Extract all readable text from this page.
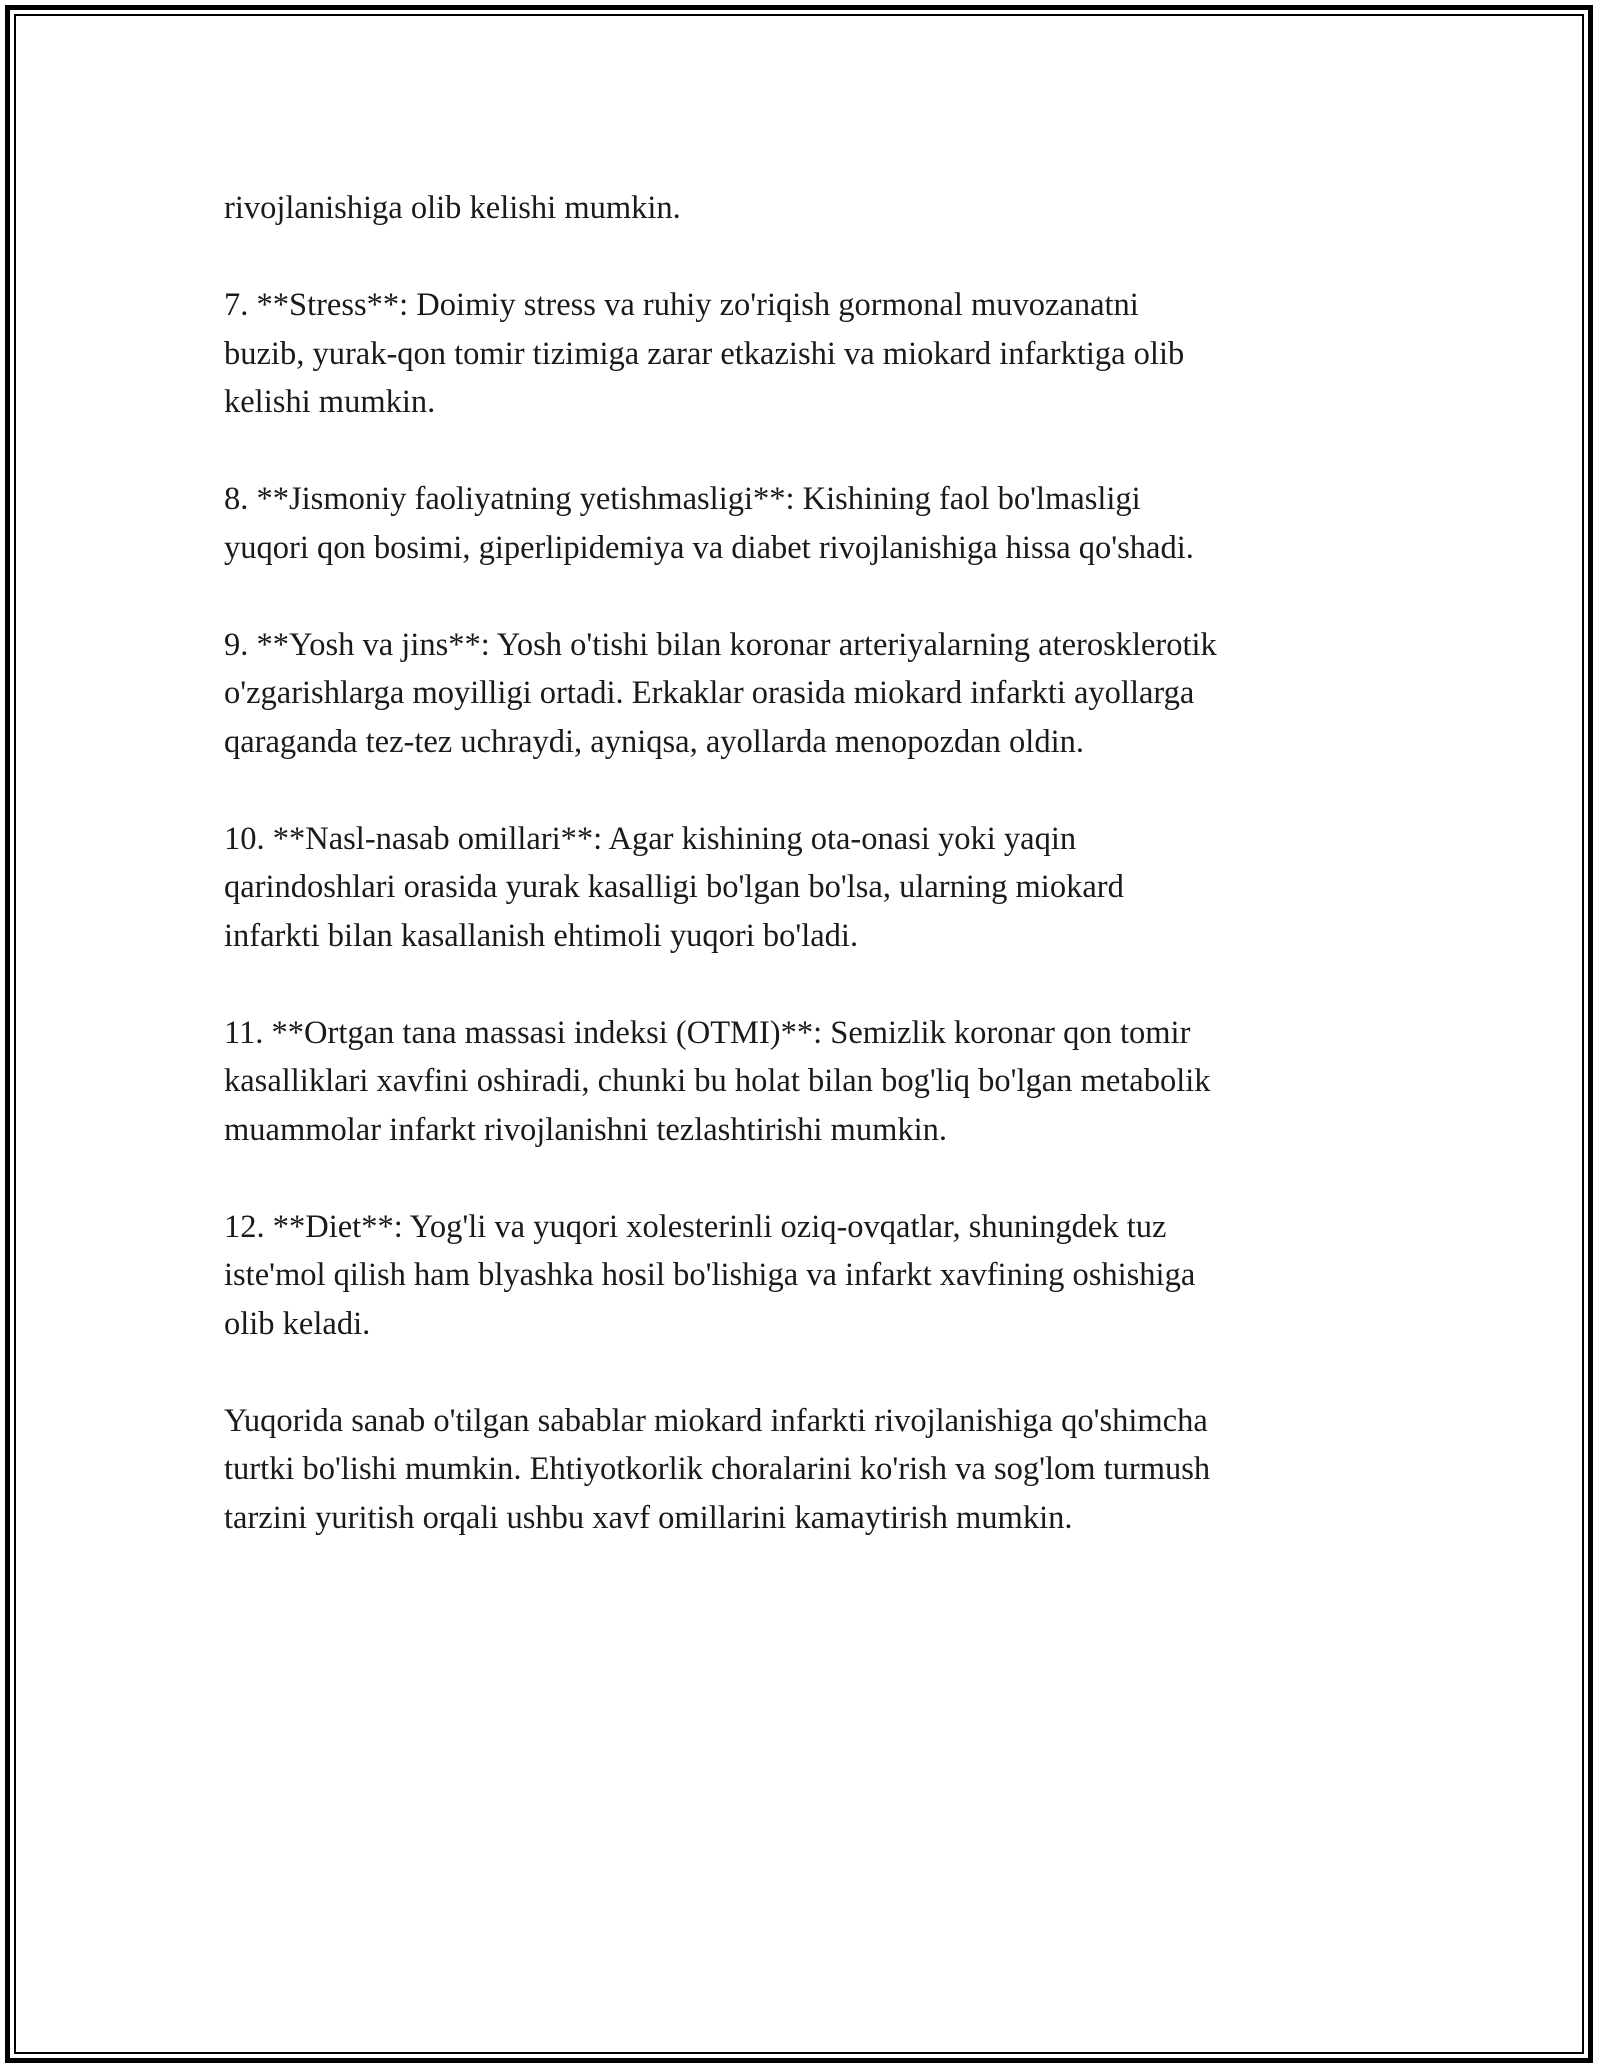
rivojlanishiga olib kelishi mumkin.

7. **Stress**: Doimiy stress va ruhiy zo'riqish gormonal muvozanatni
buzib, yurak-qon tomir tizimiga zarar etkazishi va miokard infarktiga olib
kelishi mumkin.

8. **Jismoniy faoliyatning yetishmasligi**: Kishining faol bo'lmasligi
yuqori qon bosimi, giperlipidemiya va diabet rivojlanishiga hissa qo'shadi.

9. **Yosh va jins**: Yosh o'tishi bilan koronar arteriyalarning aterosklerotik
o'zgarishlarga moyilligi ortadi. Erkaklar orasida miokard infarkti ayollarga
qaraganda tez-tez uchraydi, ayniqsa, ayollarda menopozdan oldin.

10. **Nasl-nasab omillari**: Agar kishining ota-onasi yoki yaqin
qarindoshlari orasida yurak kasalligi bo'lgan bo'lsa, ularning miokard
infarkti bilan kasallanish ehtimoli yuqori bo'ladi.

11. **Ortgan tana massasi indeksi (OTMI)**: Semizlik koronar qon tomir
kasalliklari xavfini oshiradi, chunki bu holat bilan bog'liq bo'lgan metabolik
muammolar infarkt rivojlanishni tezlashtirishi mumkin.

12. **Diet**: Yog'li va yuqori xolesterinli oziq-ovqatlar, shuningdek tuz
iste'mol qilish ham blyashka hosil bo'lishiga va infarkt xavfining oshishiga
olib keladi.

Yuqorida sanab o'tilgan sabablar miokard infarkti rivojlanishiga qo'shimcha
turtki bo'lishi mumkin. Ehtiyotkorlik choralarini ko'rish va sog'lom turmush
tarzini yuritish orqali ushbu xavf omillarini kamaytirish mumkin.
